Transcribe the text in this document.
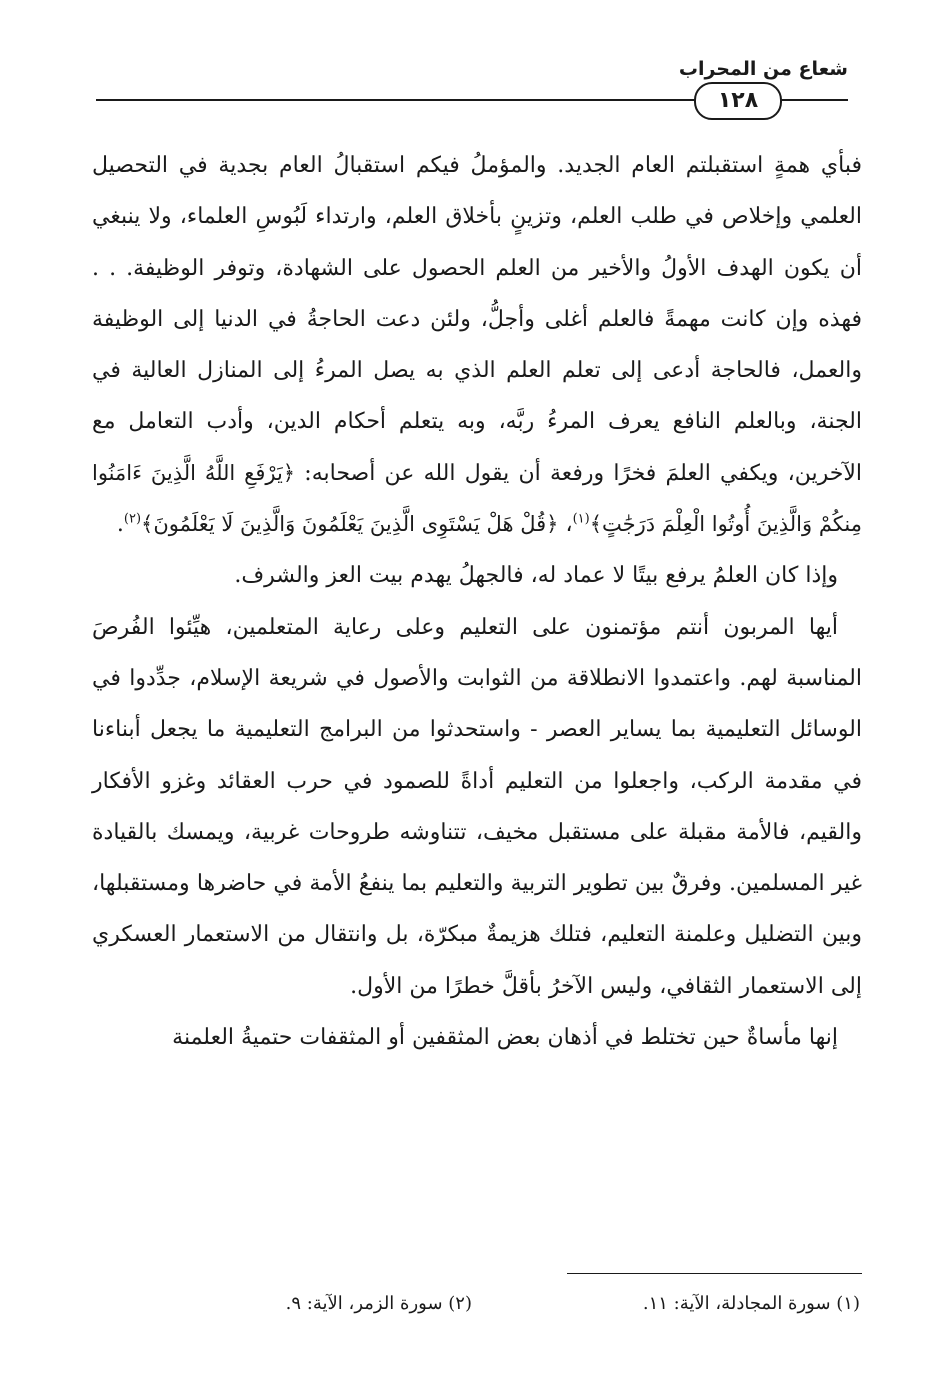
شعاع من المحراب
١٢٨

فبأي همةٍ استقبلتم العام الجديد. والمؤملُ فيكم استقبالُ العام بجدية في التحصيل العلمي وإخلاص في طلب العلم، وتزينٍ بأخلاق العلم، وارتداء لَبُوسِ العلماء، ولا ينبغي أن يكون الهدف الأولُ والأخير من العلم الحصول على الشهادة، وتوفر الوظيفة. . . فهذه وإن كانت مهمةً فالعلم أغلى وأجلُّ، ولئن دعت الحاجةُ في الدنيا إلى الوظيفة والعمل، فالحاجة أدعى إلى تعلم العلم الذي به يصل المرءُ إلى المنازل العالية في الجنة، وبالعلم النافع يعرف المرءُ ربَّه، وبه يتعلم أحكام الدين، وأدب التعامل مع الآخرين، ويكفي العلمَ فخرًا ورفعة أن يقول الله عن أصحابه: ﴿يَرْفَعِ اللَّهُ الَّذِينَ ءَامَنُوا مِنكُمْ وَالَّذِينَ أُوتُوا الْعِلْمَ دَرَجَٰتٍ﴾$^{(١)}$، ﴿قُلْ هَلْ يَسْتَوِى الَّذِينَ يَعْلَمُونَ وَالَّذِينَ لَا يَعْلَمُونَ﴾$^{(٢)}$.

وإذا كان العلمُ يرفع بيتًا لا عماد له، فالجهلُ يهدم بيت العز والشرف.

أيها المربون أنتم مؤتمنون على التعليم وعلى رعاية المتعلمين، هيِّئوا الفُرصَ المناسبة لهم. واعتمدوا الانطلاقة من الثوابت والأصول في شريعة الإسلام، جدِّدوا في الوسائل التعليمية بما يساير العصر - واستحدثوا من البرامج التعليمية ما يجعل أبناءنا في مقدمة الركب، واجعلوا من التعليم أداةً للصمود في حرب العقائد وغزو الأفكار والقيم، فالأمة مقبلة على مستقبل مخيف، تتناوشه طروحات غربية، ويمسك بالقيادة غير المسلمين. وفرقٌ بين تطوير التربية والتعليم بما ينفعُ الأمة في حاضرها ومستقبلها، وبين التضليل وعلمنة التعليم، فتلك هزيمةٌ مبكرّة، بل وانتقال من الاستعمار العسكري إلى الاستعمار الثقافي، وليس الآخرُ بأقلَّ خطرًا من الأول.

إنها مأساةٌ حين تختلط في أذهان بعض المثقفين أو المثقفات حتميةُ العلمنة

(١) سورة المجادلة، الآية: ١١.
(٢) سورة الزمر، الآية: ٩.
